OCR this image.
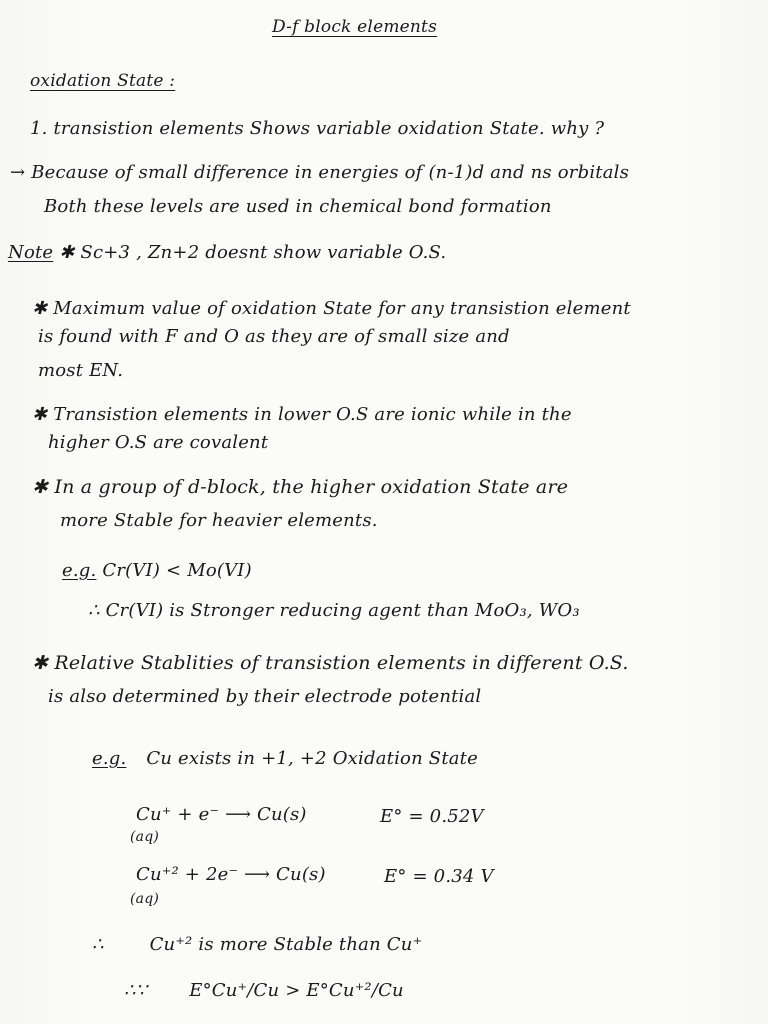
D-f block elements
oxidation State :
1. transistion elements Shows variable oxidation State. why ?
→ Because of small difference in energies of (n-1)d and ns orbitals
Both these levels are used in chemical bond formation
Note ✱ Sc+3 , Zn+2 doesnt show variable O.S.
✱ Maximum value of oxidation State for any transistion element
is found with F and O as they are of small size and
most EN.
✱ Transistion elements in lower O.S are ionic while in the
higher O.S are covalent
✱ In a group of d-block, the higher oxidation State are
more Stable for heavier elements.
e.g. Cr(VI) < Mo(VI)
∴ Cr(VI) is Stronger reducing agent than MoO₃, WO₃
✱ Relative Stablities of transistion elements in different O.S.
is also determined by their electrode potential
e.g. Cu exists in +1, +2 Oxidation State
Cu⁺ + e⁻ ⟶ Cu(s)
(aq)
E° = 0.52V
Cu⁺² + 2e⁻ ⟶ Cu(s)
(aq)
E° = 0.34 V
∴	Cu⁺² is more Stable than Cu⁺
∴∵ E°Cu⁺/Cu > E°Cu⁺²/Cu
